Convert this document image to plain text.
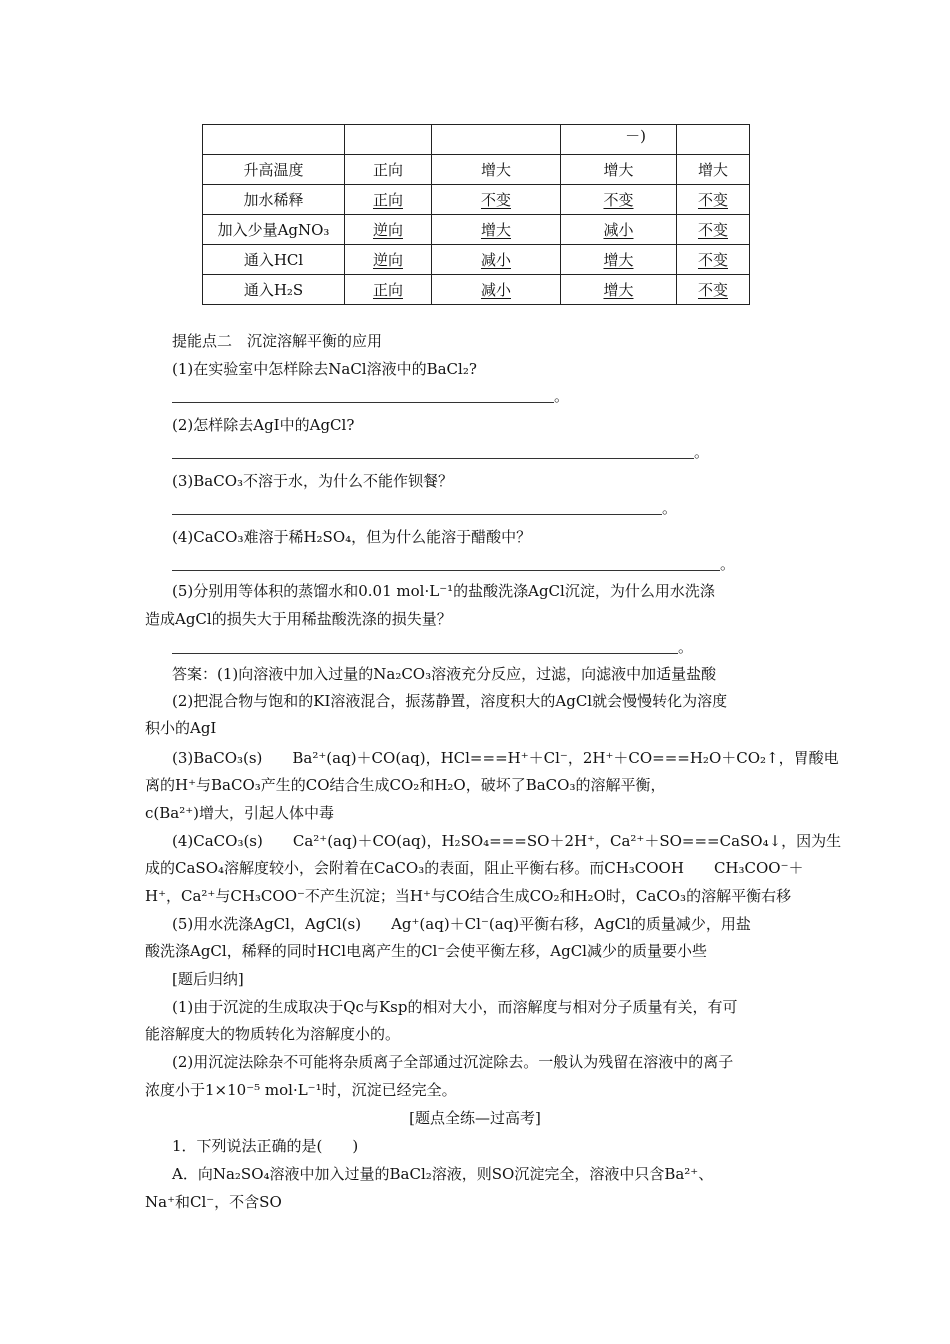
			－)	

升高温度	正向	增大	增大	增大
加水稀释	正向	不变	不变	不变
加入少量AgNO₃	逆向	增大	减小	不变
通入HCl	逆向	减小	增大	不变
通入H₂S	正向	减小	增大	不变
提能点二　沉淀溶解平衡的应用
(1)在实验室中怎样除去NaCl溶液中的BaCl₂?
。
(2)怎样除去AgI中的AgCl?
。
(3)BaCO₃不溶于水，为什么不能作钡餐？
。
(4)CaCO₃难溶于稀H₂SO₄，但为什么能溶于醋酸中？
。
(5)分别用等体积的蒸馏水和0.01 mol·L⁻¹的盐酸洗涤AgCl沉淀，为什么用水洗涤
造成AgCl的损失大于用稀盐酸洗涤的损失量？
。
答案：(1)向溶液中加入过量的Na₂CO₃溶液充分反应，过滤，向滤液中加适量盐酸
(2)把混合物与饱和的KI溶液混合，振荡静置，溶度积大的AgCl就会慢慢转化为溶度
积小的AgI
(3)BaCO₃(s)　　Ba²⁺(aq)＋CO(aq)，HCl===H⁺＋Cl⁻，2H⁺＋CO===H₂O＋CO₂↑，胃酸电
离的H⁺与BaCO₃产生的CO结合生成CO₂和H₂O，破坏了BaCO₃的溶解平衡，
c(Ba²⁺)增大，引起人体中毒
(4)CaCO₃(s)　　Ca²⁺(aq)＋CO(aq)，H₂SO₄===SO＋2H⁺，Ca²⁺＋SO===CaSO₄↓，因为生
成的CaSO₄溶解度较小，会附着在CaCO₃的表面，阻止平衡右移。而CH₃COOH　　CH₃COO⁻＋
H⁺，Ca²⁺与CH₃COO⁻不产生沉淀；当H⁺与CO结合生成CO₂和H₂O时，CaCO₃的溶解平衡右移
(5)用水洗涤AgCl，AgCl(s)　　Ag⁺(aq)＋Cl⁻(aq)平衡右移，AgCl的质量减少，用盐
酸洗涤AgCl，稀释的同时HCl电离产生的Cl⁻会使平衡左移，AgCl减少的质量要小些
[题后归纳]
(1)由于沉淀的生成取决于Qc与Ksp的相对大小，而溶解度与相对分子质量有关，有可
能溶解度大的物质转化为溶解度小的。
(2)用沉淀法除杂不可能将杂质离子全部通过沉淀除去。一般认为残留在溶液中的离子
浓度小于1×10⁻⁵ mol·L⁻¹时，沉淀已经完全。
[题点全练—过高考]
1．下列说法正确的是(　　)
A．向Na₂SO₄溶液中加入过量的BaCl₂溶液，则SO沉淀完全，溶液中只含Ba²⁺、
Na⁺和Cl⁻，不含SO
